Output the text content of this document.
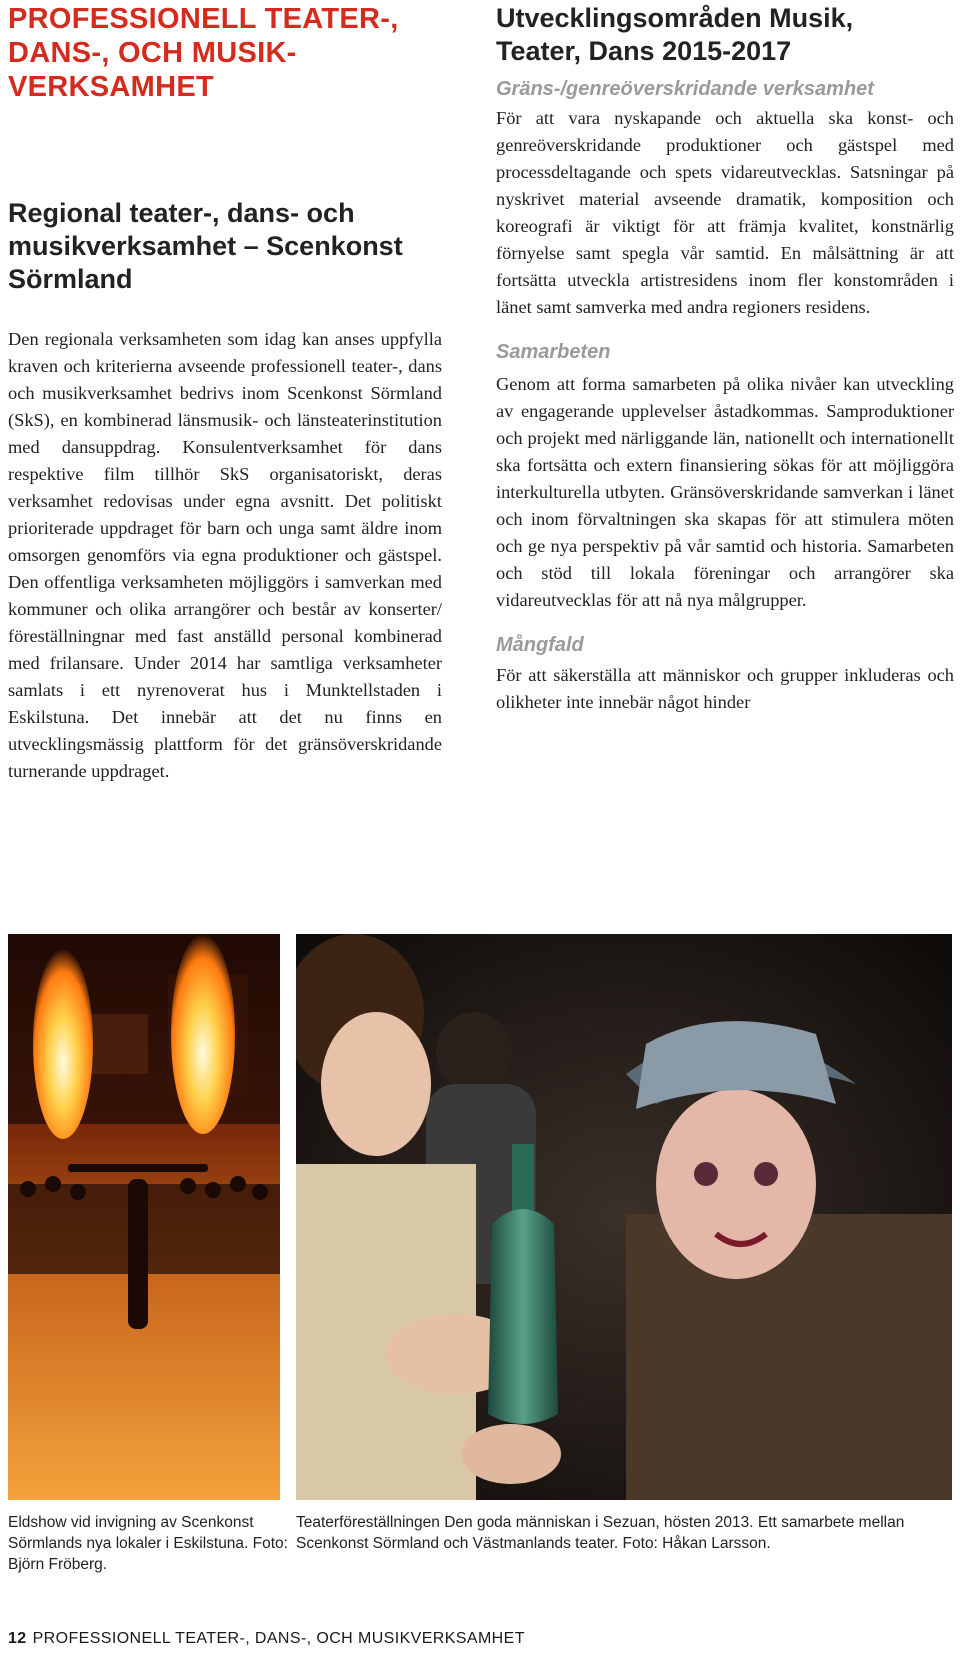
PROFESSIONELL TEATER-,
DANS-, OCH MUSIK-
VERKSAMHET
Regional teater-, dans- och
musikverksamhet – Scenkonst
Sörmland

Den regionala verksamheten som idag kan anses uppfylla kraven och kriterierna avseende professionell teater-, dans och musikverksamhet bedrivs inom Scenkonst Sörmland (SkS), en kombinerad länsmusik- och länsteaterinstitution med dansuppdrag. Konsulentverksamhet för dans respektive film tillhör SkS organisatoriskt, deras verksamhet redovisas under egna avsnitt. Det politiskt prioriterade uppdraget för barn och unga samt äldre inom omsorgen genomförs via egna produktioner och gästspel. Den offentliga verksamheten möjliggörs i samverkan med kommuner och olika arrangörer och består av konserter/ föreställningnar med fast anställd personal kombinerad med frilansare. Under 2014 har samtliga verksamheter samlats i ett nyrenoverat hus i Munktellstaden i Eskilstuna. Det innebär att det nu finns en utvecklingsmässig plattform för det gränsöverskridande turnerande uppdraget.

Utvecklingsområden Musik,
Teater, Dans 2015-2017
Gräns-/genreöverskridande verksamhet

För att vara nyskapande och aktuella ska konst- och genreöverskridande produktioner och gästspel med processdeltagande och spets vidareutvecklas. Satsningar på nyskrivet material avseende dramatik, komposition och koreografi är viktigt för att främja kvalitet, konstnärlig förnyelse samt spegla vår samtid. En målsättning är att fortsätta utveckla artistresidens inom fler konstområden i länet samt samverka med andra regioners residens.

Samarbeten

Genom att forma samarbeten på olika nivåer kan utveckling av engagerande upplevelser åstadkommas. Samproduktioner och projekt med närliggande län, nationellt och internationellt ska fortsätta och extern finansiering sökas för att möjliggöra interkulturella utbyten. Gränsöverskridande samverkan i länet och inom förvaltningen ska skapas för att stimulera möten och ge nya perspektiv på vår samtid och historia. Samarbeten och stöd till lokala föreningar och arrangörer ska vidareutvecklas för att nå nya målgrupper.

Mångfald

För att säkerställa att människor och grupper inkluderas och olikheter inte innebär något hinder

Eldshow vid invigning av Scenkonst Sörmlands nya lokaler i Eskilstuna. Foto: Björn Fröberg.

Teaterföreställningen Den goda människan i Sezuan, hösten 2013. Ett samarbete mellan Scenkonst Sörmland och Västmanlands teater. Foto: Håkan Larsson.

12 PROFESSIONELL TEATER-, DANS-, OCH MUSIKVERKSAMHET
